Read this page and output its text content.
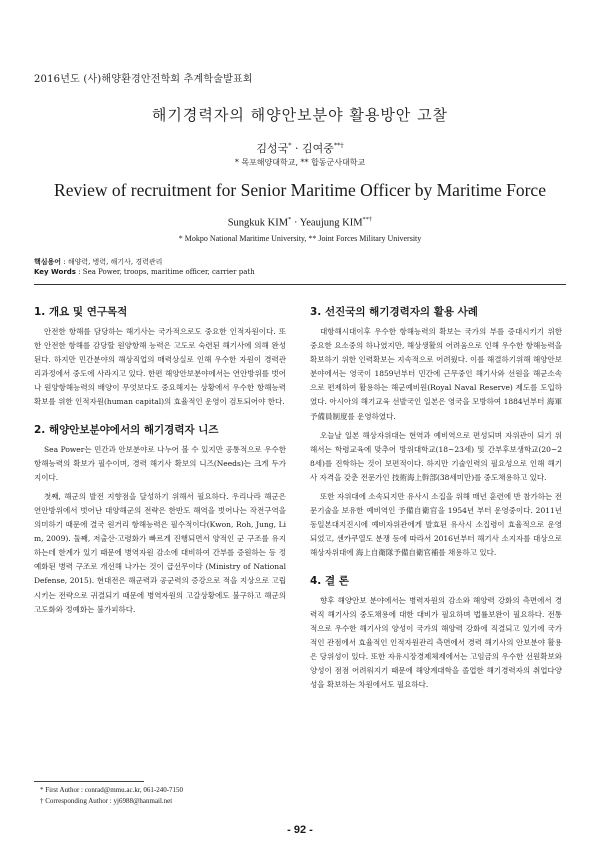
2016년도 (사)해양환경안전학회 추계학술발표회
해기경력자의 해양안보분야 활용방안 고찰
김성국* · 김여중**†
* 목포해양대학교, ** 합동군사대학교
Review of recruitment for Senior Maritime Officer by Maritime Force
Sungkuk KIM* · Yeaujung KIM**†
* Mokpo National Maritime University, ** Joint Forces Military University
핵심용어 : 해양력, 병력, 해기사, 경력관리
Key Words : Sea Power, troops, maritime officer, carrier path
1. 개요 및 연구목적

안전한 항해를 담당하는 해기사는 국가적으로도 중요한 인적자원이다. 또한 안전한 항해를 감당할 원양항해 능력은 고도로 숙련된 해기사에 의해 완성된다. 하지만 민간분야의 해상직업의 매력상실로 인해 우수한 자원이 경력관리과정에서 중도에 사라지고 있다. 한편 해양안보분야에서는 연안방위를 벗어나 원양항해능력의 배양이 무엇보다도 중요해지는 상황에서 우수한 항해능력 확보를 위한 인적자원(human capital)의 효율적인 운영이 검토되어야 한다.

2. 해양안보분야에서의 해기경력자 니즈

Sea Power는 민간과 안보분야로 나누어 볼 수 있지만 공통적으로 우수한 항해능력의 확보가 필수이며, 경력 해기사 확보의 니즈(Needs)는 크게 두가지이다.

첫째, 해군의 발전 지향점을 달성하기 위해서 필요하다. 우리나라 해군은 연안방위에서 벗어난 대양해군의 전략은 한반도 해역을 벗어나는 작전구역을 의미하기 때문에 결국 원거리 항해능력은 필수적이다(Kwon, Roh, Jung, Lim, 2009). 둘째, 저출산·고령화가 빠르게 진행되면서 양적인 군 구조를 유지하는데 한계가 있기 때문에 병역자원 감소에 대비하여 간부를 증원하는 등 정예화된 병력 구조로 개선해 나가는 것이 급선무이다 (Ministry of National Defense, 2015). 현대전은 해군력과 공군력의 증강으로 적을 지상으로 고립시키는 전략으로 귀결되기 때문에 병역자원의 고갈상황에도 불구하고 해군의 고도화와 정예화는 불가피하다.

3. 선진국의 해기경력자의 활용 사례

대항해시대이후 우수한 항해능력의 확보는 국가의 부를 증대시키기 위한 중요한 요소중의 하나였지만, 해상생활의 어려움으로 인해 우수한 항해능력을 확보하기 위한 인력확보는 지속적으로 어려웠다. 이를 해결하기위해 해양안보분야에서는 영국이 1859년부터 민간에 근무중인 해기사와 선원을 해군소속으로 편제하여 활용하는 해군예비원(Royal Naval Reserve) 제도를 도입하였다. 아시아의 해기교육 선발국인 일본은 영국을 모방하여 1884년부터 海軍予備員制度를 운영하였다.

오늘날 일본 해상자위대는 현역과 예비역으로 편성되며 자위관이 되기 위해서는 학령교육에 맞추어 방위대학교(18~23세) 및 간부후보생학교(20~28세)를 진학하는 것이 보편적이다. 하지만 기술인력의 필요성으로 인해 해기사 자격을 갖춘 전문가인 技術海上幹部(38세미만)를 중도채용하고 있다.

또한 자위대에 소속되지만 유사시 소집을 위해 매년 훈련에 반 참가하는 전문기술을 보유한 예비역인 予備自衛官을 1954년 부터 운영중이다. 2011년 동일본대지진시에 예비자위관에게 발효된 유사시 소집령이 효율적으로 운영되었고, 센카쿠열도 분쟁 등에 따라서 2016년부터 해기사 소지자를 대상으로 해상자위대에 海上自衛隊予備自衛官補를 채용하고 있다.

4. 결 론

향후 해양안보 분야에서는 병력자원의 감소와 해양력 강화의 측면에서 경력직 해기사의 중도채용에 대한 대비가 필요하며 법률보완이 필요하다. 전통적으로 우수한 해기사의 양성이 국가의 해양력 강화에 직결되고 있기에 국가적인 관점에서 효율적인 인적자원관리 측면에서 경력 해기사의 안보분야 활용은 당위성이 있다. 또한 자유시장경제체제에서는 고임금의 우수한 선원확보와 양성이 점점 어려워지기 때문에 해양계대학을 졸업한 해기경력자의 취업다양성을 확보하는 차원에서도 필요하다.

* First Author : conrad@mmu.ac.kr, 061-240-7150
† Corresponding Author : yj6988@hanmail.net
- 92 -
